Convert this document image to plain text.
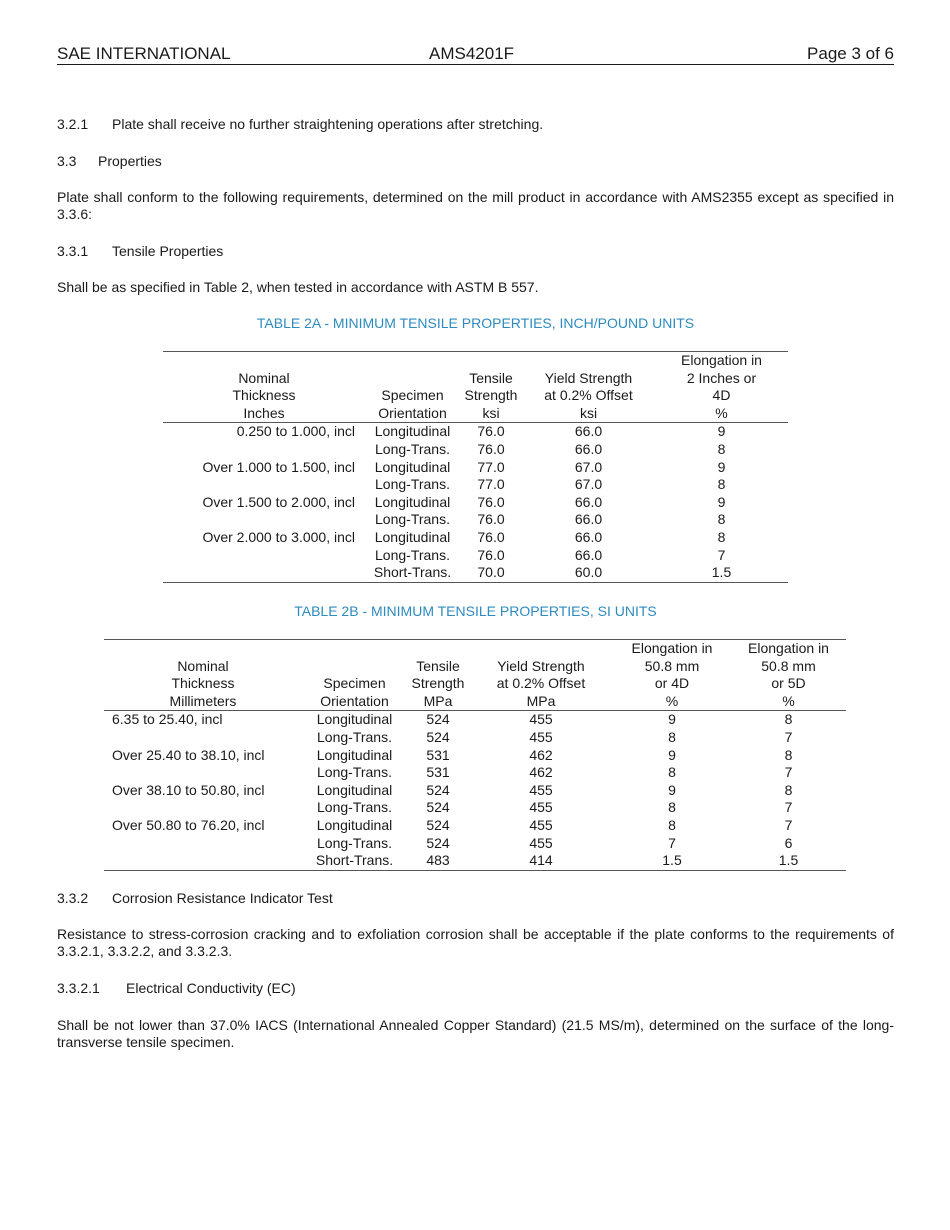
SAE INTERNATIONAL	AMS4201F	Page 3 of 6
3.2.1 Plate shall receive no further straightening operations after stretching.
3.3 Properties
Plate shall conform to the following requirements, determined on the mill product in accordance with AMS2355 except as specified in 3.3.6:
3.3.1 Tensile Properties
Shall be as specified in Table 2, when tested in accordance with ASTM B 557.
TABLE 2A - MINIMUM TENSILE PROPERTIES, INCH/POUND UNITS
				Elongation in
Nominal		Tensile	Yield Strength	2 Inches or
Thickness	Specimen	Strength	at 0.2% Offset	4D
Inches	Orientation	ksi	ksi	%
0.250 to 1.000, incl	Longitudinal	76.0	66.0	9
	Long-Trans.	76.0	66.0	8
Over 1.000 to 1.500, incl	Longitudinal	77.0	67.0	9
	Long-Trans.	77.0	67.0	8
Over 1.500 to 2.000, incl	Longitudinal	76.0	66.0	9
	Long-Trans.	76.0	66.0	8
Over 2.000 to 3.000, incl	Longitudinal	76.0	66.0	8
	Long-Trans.	76.0	66.0	7
	Short-Trans.	70.0	60.0	1.5
TABLE 2B - MINIMUM TENSILE PROPERTIES, SI UNITS
				Elongation in	Elongation in
Nominal		Tensile	Yield Strength	50.8 mm	50.8 mm
Thickness	Specimen	Strength	at 0.2% Offset	or 4D	or 5D
Millimeters	Orientation	MPa	MPa	%	%
6.35 to 25.40, incl	Longitudinal	524	455	9	8
	Long-Trans.	524	455	8	7
Over 25.40 to 38.10, incl	Longitudinal	531	462	9	8
	Long-Trans.	531	462	8	7
Over 38.10 to 50.80, incl	Longitudinal	524	455	9	8
	Long-Trans.	524	455	8	7
Over 50.80 to 76.20, incl	Longitudinal	524	455	8	7
	Long-Trans.	524	455	7	6
	Short-Trans.	483	414	1.5	1.5
3.3.2 Corrosion Resistance Indicator Test
Resistance to stress-corrosion cracking and to exfoliation corrosion shall be acceptable if the plate conforms to the requirements of 3.3.2.1, 3.3.2.2, and 3.3.2.3.
3.3.2.1 Electrical Conductivity (EC)
Shall be not lower than 37.0% IACS (International Annealed Copper Standard) (21.5 MS/m), determined on the surface of the long-transverse tensile specimen.
